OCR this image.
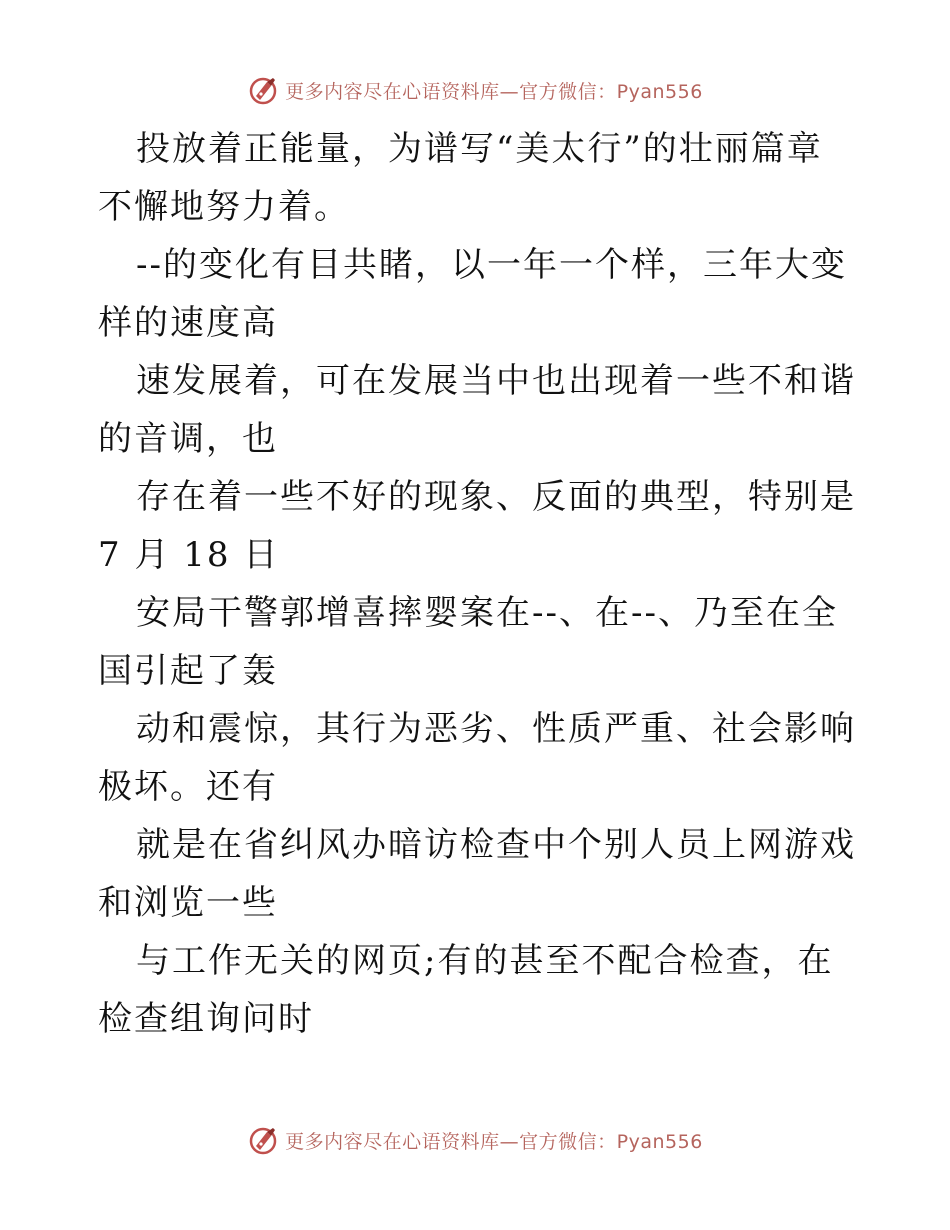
更多内容尽在心语资料库—官方微信：Pyan556

投放着正能量，为谱写“美太行”的壮丽篇章不懈地努力着。

--的变化有目共睹，以一年一个样，三年大变样的速度高

速发展着，可在发展当中也出现着一些不和谐的音调，也

存在着一些不好的现象、反面的典型，特别是 7 月 18 日

安局干警郭增喜摔婴案在--、在--、乃至在全国引起了轰

动和震惊，其行为恶劣、性质严重、社会影响极坏。还有

就是在省纠风办暗访检查中个别人员上网游戏和浏览一些

与工作无关的网页;有的甚至不配合检查，在检查组询问时

更多内容尽在心语资料库—官方微信：Pyan556
